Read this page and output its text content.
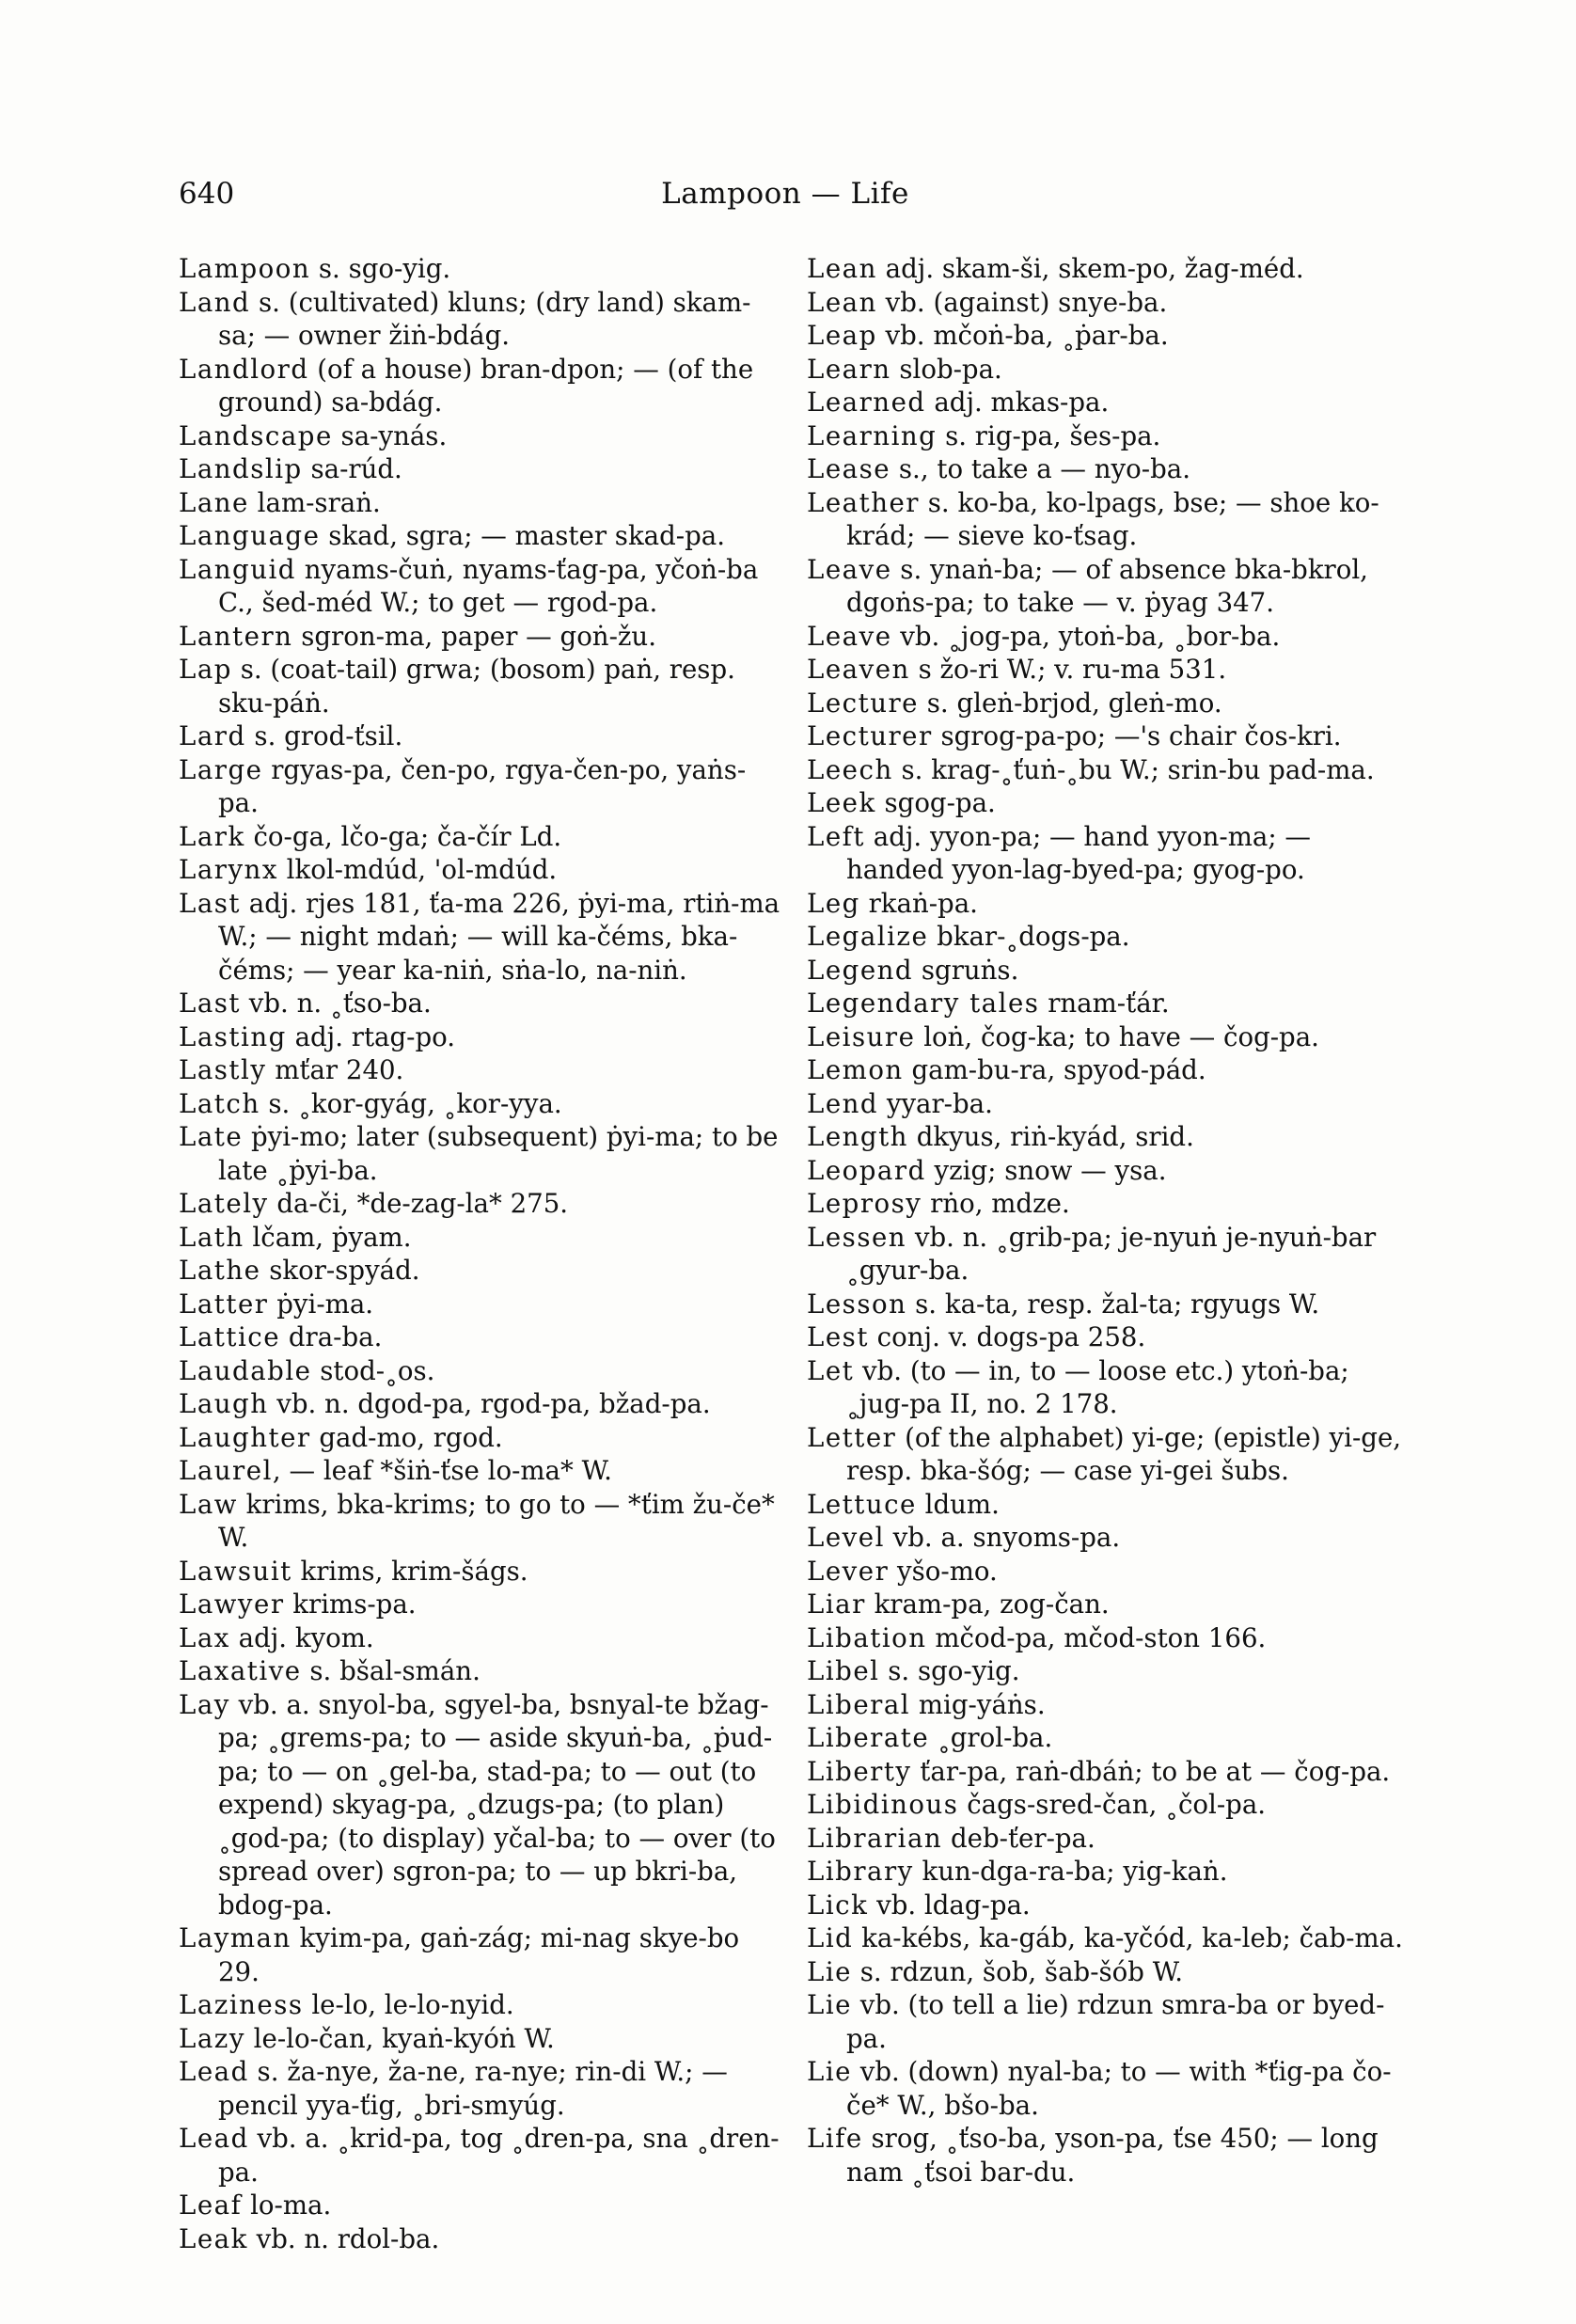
640	Lampoon — Life

Lampoon s. sgo-yig.

Land s. (cultivated) kluns; (dry land) skam-sa; — owner žiṅ-bdág.

Landlord (of a house) bran-dpon; — (of the ground) sa-bdág.

Landscape sa-ynás.

Landslip sa-rúd.

Lane lam-sraṅ.

Language skad, sgra; — master skad-pa.

Languid nyams-čuṅ, nyams-ťag-pa, yčoṅ-ba C., šed-méd W.; to get — rgod-pa.

Lantern sgron-ma, paper — goṅ-žu.

Lap s. (coat-tail) grwa; (bosom) paṅ, resp. sku-páṅ.

Lard s. grod-ťsil.

Large rgyas-pa, čen-po, rgya-čen-po, yaṅs-pa.

Lark čo-ga, lčo-ga; ča-čír Ld.

Larynx lkol-mdúd, 'ol-mdúd.

Last adj. rjes 181, ťa-ma 226, ṗyi-ma, rtiṅ-ma W.; — night mdaṅ; — will ka-čéms, bka-čéms; — year ka-niṅ, sṅa-lo, na-niṅ.

Last vb. n. ˳ťso-ba.

Lasting adj. rtag-po.

Lastly mťar 240.

Latch s. ˳kor-gyág, ˳kor-yya.

Late ṗyi-mo; later (subsequent) ṗyi-ma; to be late ˳ṗyi-ba.

Lately da-či, *de-zag-la* 275.

Lath lčam, ṗyam.

Lathe skor-spyád.

Latter ṗyi-ma.

Lattice dra-ba.

Laudable stod-˳os.

Laugh vb. n. dgod-pa, rgod-pa, bžad-pa.

Laughter gad-mo, rgod.

Laurel, — leaf *šiṅ-ťse lo-ma* W.

Law krims, bka-krims; to go to — *ťim žu-če* W.

Lawsuit krims, krim-šágs.

Lawyer krims-pa.

Lax adj. kyom.

Laxative s. bšal-smán.

Lay vb. a. snyol-ba, sgyel-ba, bsnyal-te bžag-pa; ˳grems-pa; to — aside skyuṅ-ba, ˳ṗud-pa; to — on ˳gel-ba, stad-pa; to — out (to expend) skyag-pa, ˳dzugs-pa; (to plan) ˳god-pa; (to display) yčal-ba; to — over (to spread over) sgron-pa; to — up bkri-ba, bdog-pa.

Layman kyim-pa, gaṅ-zág; mi-nag skye-bo 29.

Laziness le-lo, le-lo-nyid.

Lazy le-lo-čan, kyaṅ-kyóṅ W.

Lead s. ža-nye, ža-ne, ra-nye; rin-di W.; — pencil yya-ťig, ˳bri-smyúg.

Lead vb. a. ˳krid-pa, tog ˳dren-pa, sna ˳dren-pa.

Leaf lo-ma.

Leak vb. n. rdol-ba.

Lean adj. skam-ši, skem-po, žag-méd.

Lean vb. (against) snye-ba.

Leap vb. mčoṅ-ba, ˳ṗar-ba.

Learn slob-pa.

Learned adj. mkas-pa.

Learning s. rig-pa, šes-pa.

Lease s., to take a — nyo-ba.

Leather s. ko-ba, ko-lpags, bse; — shoe ko-krád; — sieve ko-ťsag.

Leave s. ynaṅ-ba; — of absence bka-bkrol, dgoṅs-pa; to take — v. ṗyag 347.

Leave vb. ˳jog-pa, ytoṅ-ba, ˳bor-ba.

Leaven s žo-ri W.; v. ru-ma 531.

Lecture s. gleṅ-brjod, gleṅ-mo.

Lecturer sgrog-pa-po; —'s chair čos-kri.

Leech s. krag-˳ťuṅ-˳bu W.; srin-bu pad-ma.

Leek sgog-pa.

Left adj. yyon-pa; — hand yyon-ma; — handed yyon-lag-byed-pa; gyog-po.

Leg rkaṅ-pa.

Legalize bkar-˳dogs-pa.

Legend sgruṅs.

Legendary tales rnam-ťár.

Leisure loṅ, čog-ka; to have — čog-pa.

Lemon gam-bu-ra, spyod-pád.

Lend yyar-ba.

Length dkyus, riṅ-kyád, srid.

Leopard yzig; snow — ysa.

Leprosy rṅo, mdze.

Lessen vb. n. ˳grib-pa; je-nyuṅ je-nyuṅ-bar ˳gyur-ba.

Lesson s. ka-ta, resp. žal-ta; rgyugs W.

Lest conj. v. dogs-pa 258.

Let vb. (to — in, to — loose etc.) ytoṅ-ba; ˳jug-pa II, no. 2 178.

Letter (of the alphabet) yi-ge; (epistle) yi-ge, resp. bka-šóg; — case yi-gei šubs.

Lettuce ldum.

Level vb. a. snyoms-pa.

Lever yšo-mo.

Liar kram-pa, zog-čan.

Libation mčod-pa, mčod-ston 166.

Libel s. sgo-yig.

Liberal mig-yáṅs.

Liberate ˳grol-ba.

Liberty ťar-pa, raṅ-dbáṅ; to be at — čog-pa.

Libidinous čags-sred-čan, ˳čol-pa.

Librarian deb-ťer-pa.

Library kun-dga-ra-ba; yig-kaṅ.

Lick vb. ldag-pa.

Lid ka-kébs, ka-gáb, ka-yčód, ka-leb; čab-ma.

Lie s. rdzun, šob, šab-šób W.

Lie vb. (to tell a lie) rdzun smra-ba or byed-pa.

Lie vb. (down) nyal-ba; to — with *ťig-pa čo-če* W., bšo-ba.

Life srog, ˳ťso-ba, yson-pa, ťse 450; — long nam ˳ťsoi bar-du.
